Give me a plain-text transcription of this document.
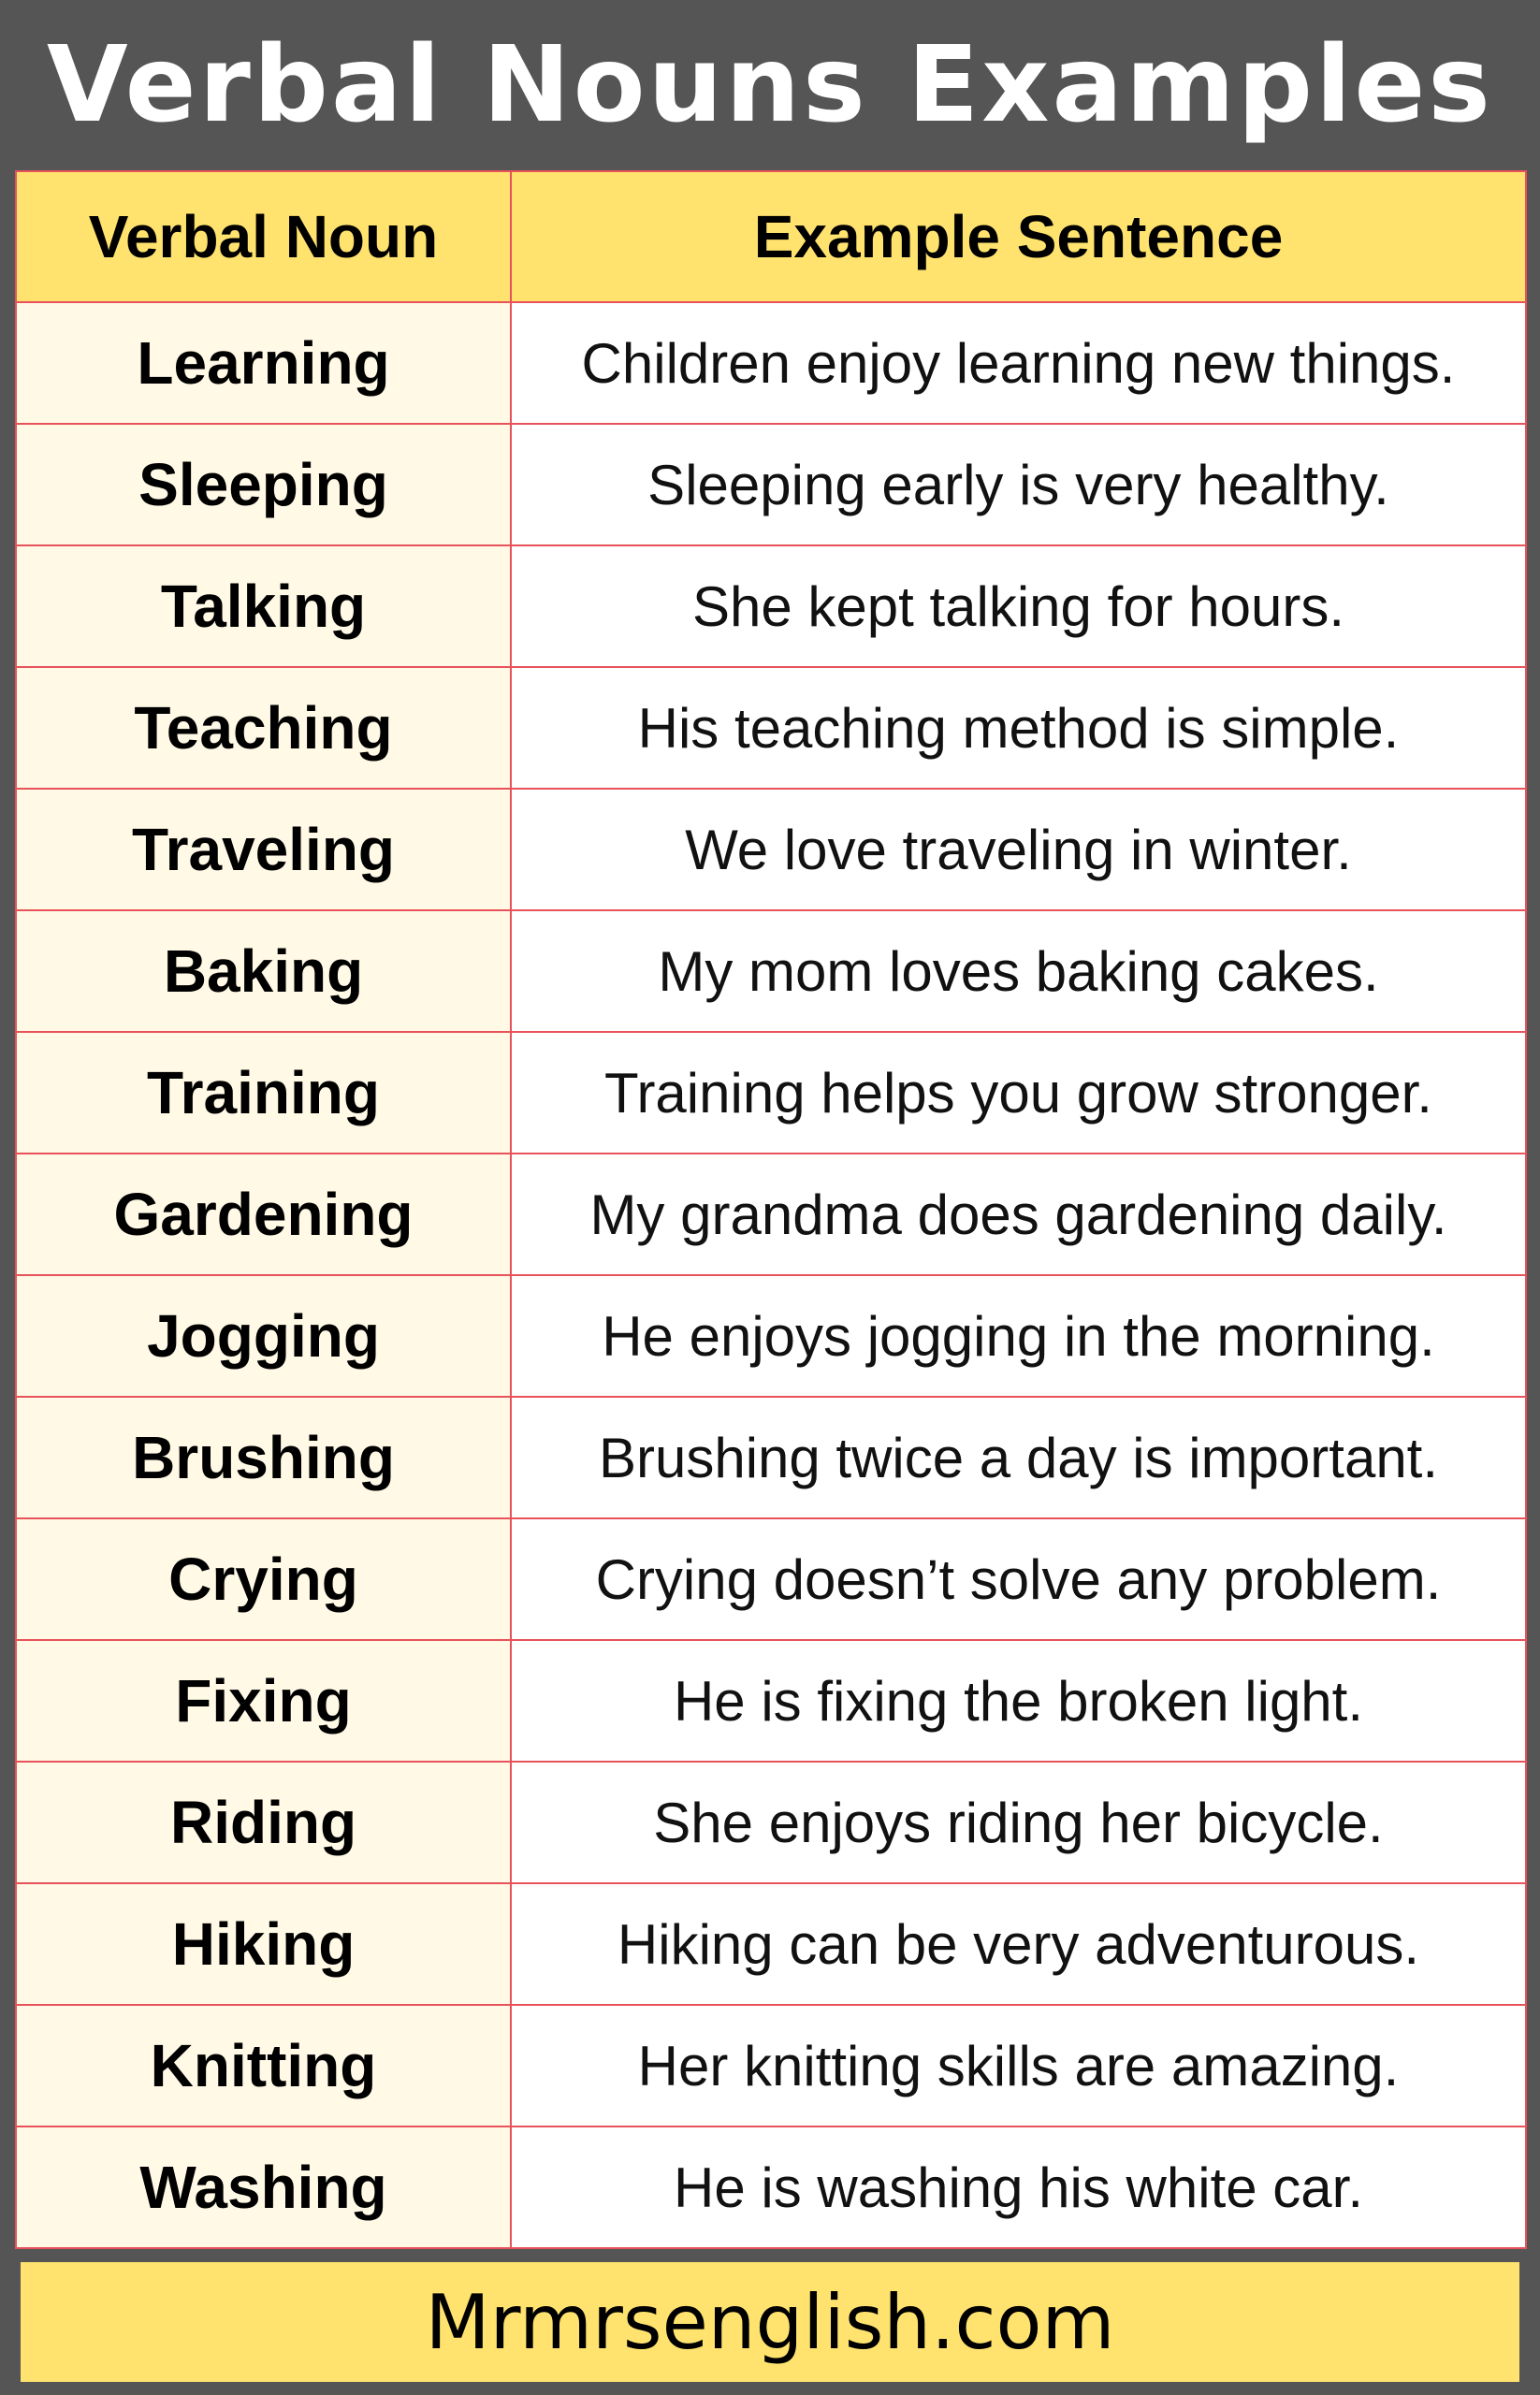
Verbal Nouns Examples
Verbal Noun	Example Sentence
Learning	Children enjoy learning new things.
Sleeping	Sleeping early is very healthy.
Talking	She kept talking for hours.
Teaching	His teaching method is simple.
Traveling	We love traveling in winter.
Baking	My mom loves baking cakes.
Training	Training helps you grow stronger.
Gardening	My grandma does gardening daily.
Jogging	He enjoys jogging in the morning.
Brushing	Brushing twice a day is important.
Crying	Crying doesn’t solve any problem.
Fixing	He is fixing the broken light.
Riding	She enjoys riding her bicycle.
Hiking	Hiking can be very adventurous.
Knitting	Her knitting skills are amazing.
Washing	He is washing his white car.
Mrmrsenglish.com
